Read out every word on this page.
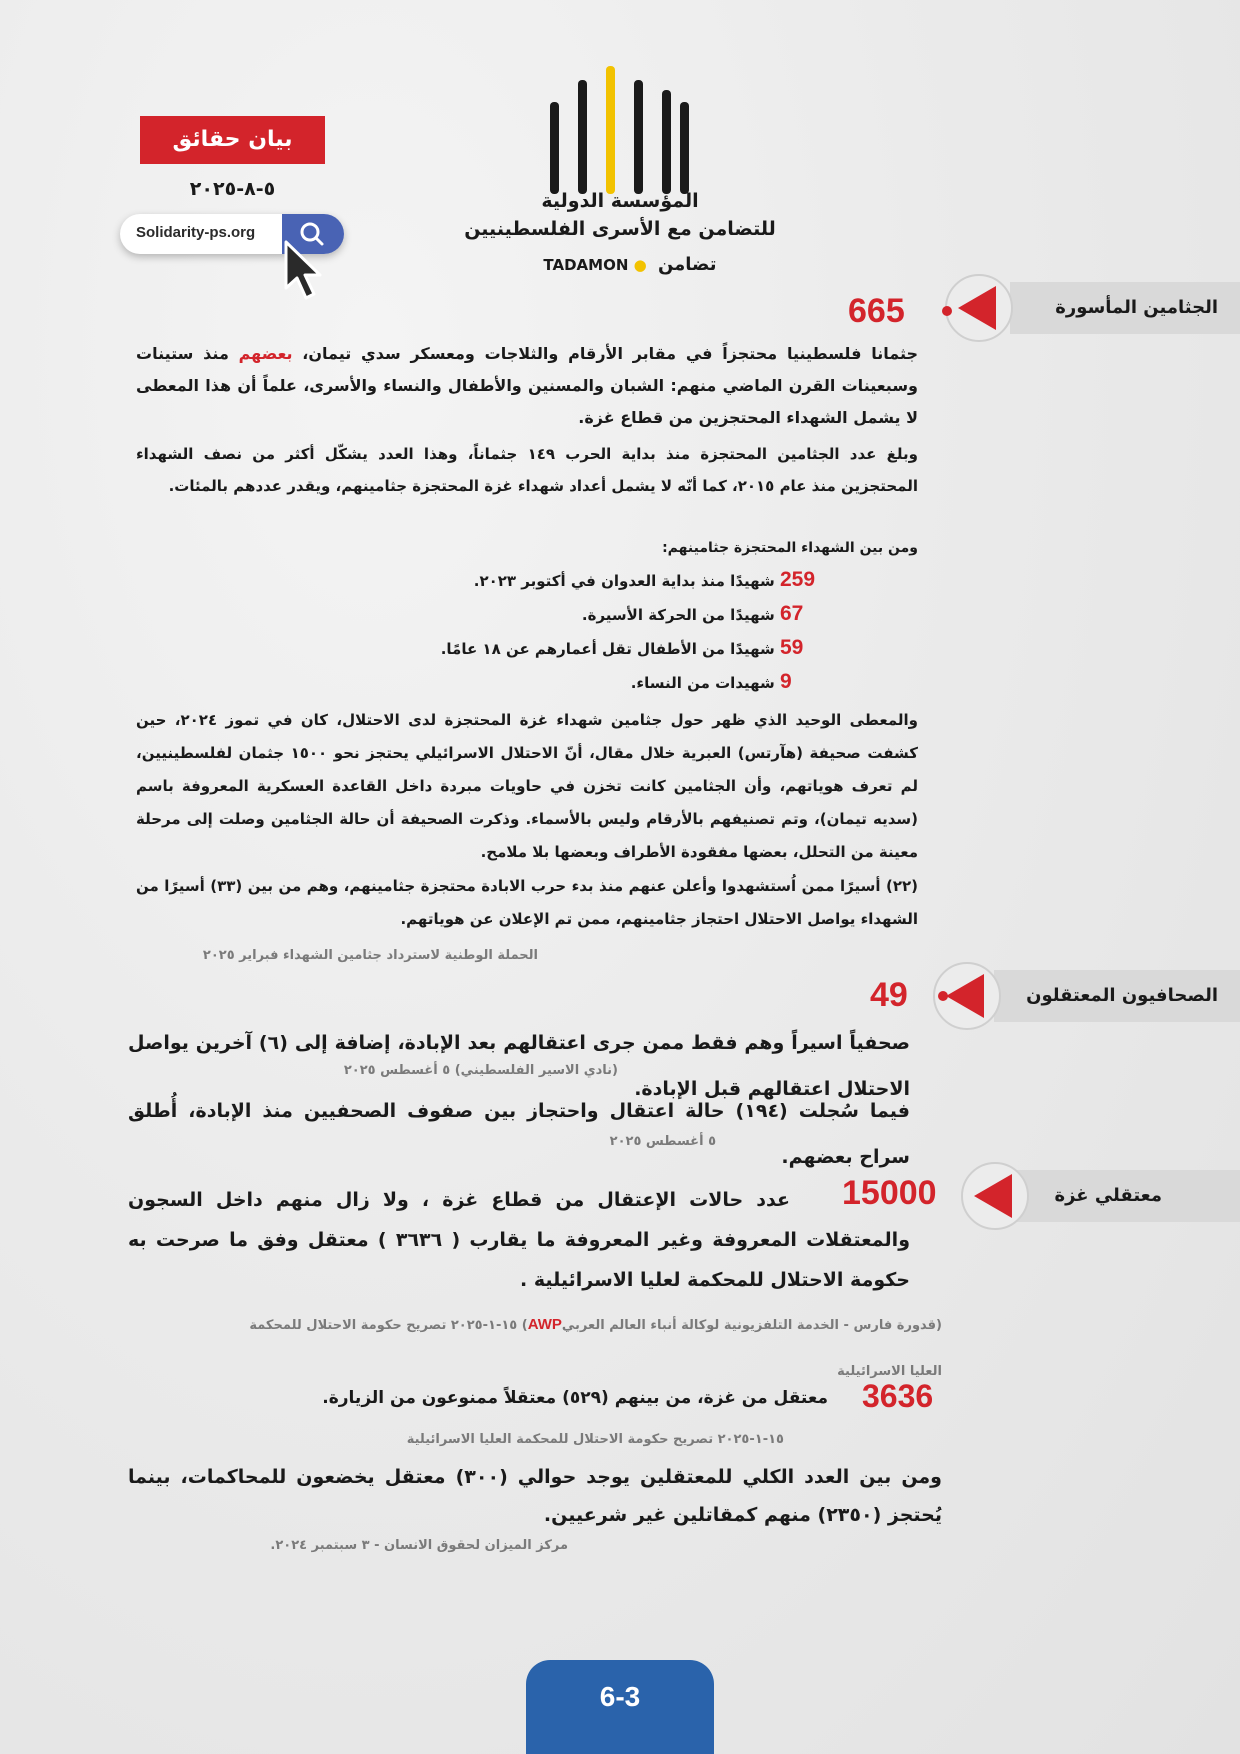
المؤسسة الدولية
للتضامن مع الأسرى الفلسطينيين
TADAMON ● تضامن
بيان حقائق
٥-٨-٢٠٢٥
Solidarity-ps.org
الجثامين المأسورة
665
جثمانا فلسطينيا محتجزاً في مقابر الأرقام والثلاجات ومعسكر سدي تيمان، بعضهم منذ ستينات وسبعينات القرن الماضي منهم: الشبان والمسنين والأطفال والنساء والأسرى، علماً أن هذا المعطى لا يشمل الشهداء المحتجزين من قطاع غزة.
وبلغ عدد الجثامين المحتجزة منذ بداية الحرب ١٤٩ جثماناً، وهذا العدد يشكّل أكثر من نصف الشهداء المحتجزين منذ عام ٢٠١٥، كما أنّه لا يشمل أعداد شهداء غزة المحتجزة جثامينهم، ويقدر عددهم بالمئات.
ومن بين الشهداء المحتجزة جثامينهم:
259 شهيدًا منذ بداية العدوان في أكتوبر ٢٠٢٣.
67 شهيدًا من الحركة الأسيرة.
59 شهيدًا من الأطفال تقل أعمارهم عن ١٨ عامًا.
9 شهيدات من النساء.
والمعطى الوحيد الذي ظهر حول جثامين شهداء غزة المحتجزة لدى الاحتلال، كان في تموز ٢٠٢٤، حين كشفت صحيفة (هآرتس) العبرية خلال مقال، أنّ الاحتلال الاسرائيلي يحتجز نحو ١٥٠٠ جثمان لفلسطينيين، لم تعرف هوياتهم، وأن الجثامين كانت تخزن في حاويات مبردة داخل القاعدة العسكرية المعروفة باسم (سديه تيمان)، وتم تصنيفهم بالأرقام وليس بالأسماء. وذكرت الصحيفة أن حالة الجثامين وصلت إلى مرحلة معينة من التحلل، بعضها مفقودة الأطراف وبعضها بلا ملامح.
(٢٢) أسيرًا ممن اُستشهدوا وأعلن عنهم منذ بدء حرب الابادة محتجزة جثامينهم، وهم من بين (٣٣) أسيرًا من الشهداء يواصل الاحتلال احتجاز جثامينهم، ممن تم الإعلان عن هوياتهم.
الحملة الوطنية لاسترداد جثامين الشهداء فبراير ٢٠٢٥
الصحافيون المعتقلون
49
صحفياً اسيراً وهم فقط ممن جرى اعتقالهم بعد الإبادة، إضافة إلى (٦) آخرين يواصل الاحتلال اعتقالهم قبل الإبادة.
(نادي الاسير الفلسطيني) ٥ أغسطس ٢٠٢٥
فيما سُجلت (١٩٤) حالة اعتقال واحتجاز بين صفوف الصحفيين منذ الإبادة، أُطلق سراح بعضهم.
٥ أغسطس ٢٠٢٥
معتقلي غزة
15000
عدد حالات الإعتقال من قطاع غزة ، ولا زال منهم داخل السجون والمعتقلات المعروفة وغير المعروفة ما يقارب ( ٣٦٣٦ ) معتقل وفق ما صرحت به حكومة الاحتلال للمحكمة لعليا الاسرائيلية .
(قدورة فارس - الخدمة التلفزيونية لوكالة أنباء العالم العربيAWP) ١٥-١-٢٠٢٥ تصريح حكومة الاحتلال للمحكمة
العليا الاسرائيلية
3636
معتقل من غزة، من بينهم (٥٢٩) معتقلاً ممنوعون من الزيارة.
١٥-١-٢٠٢٥ تصريح حكومة الاحتلال للمحكمة العليا الاسرائيلية
ومن بين العدد الكلي للمعتقلين يوجد حوالي (٣٠٠) معتقل يخضعون للمحاكمات، بينما يُحتجز (٢٣٥٠) منهم كمقاتلين غير شرعيين.
مركز الميزان لحقوق الانسان - ٣ سبتمبر ٢٠٢٤.
6-3
